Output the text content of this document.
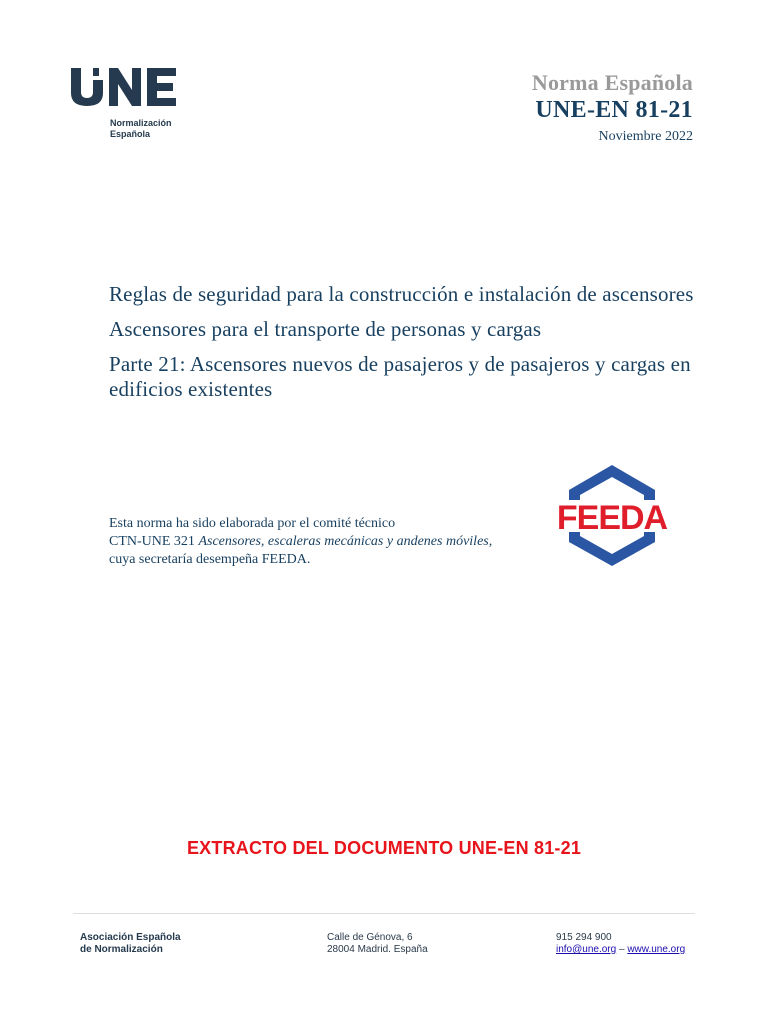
Normalización
Española
Norma Española
UNE-EN 81-21
Noviembre 2022

Reglas de seguridad para la construcción e instalación de ascensores

Ascensores para el transporte de personas y cargas

Parte 21: Ascensores nuevos de pasajeros y de pasajeros y cargas en edificios existentes

Esta norma ha sido elaborada por el comité técnico
CTN-UNE 321 Ascensores, escaleras mecánicas y andenes móviles, cuya secretaría desempeña FEEDA.
FEEDA
EXTRACTO DEL DOCUMENTO UNE-EN 81-21
Asociación Española
de Normalización
Calle de Génova, 6
28004 Madrid. España
915 294 900
info@une.org – www.une.org
